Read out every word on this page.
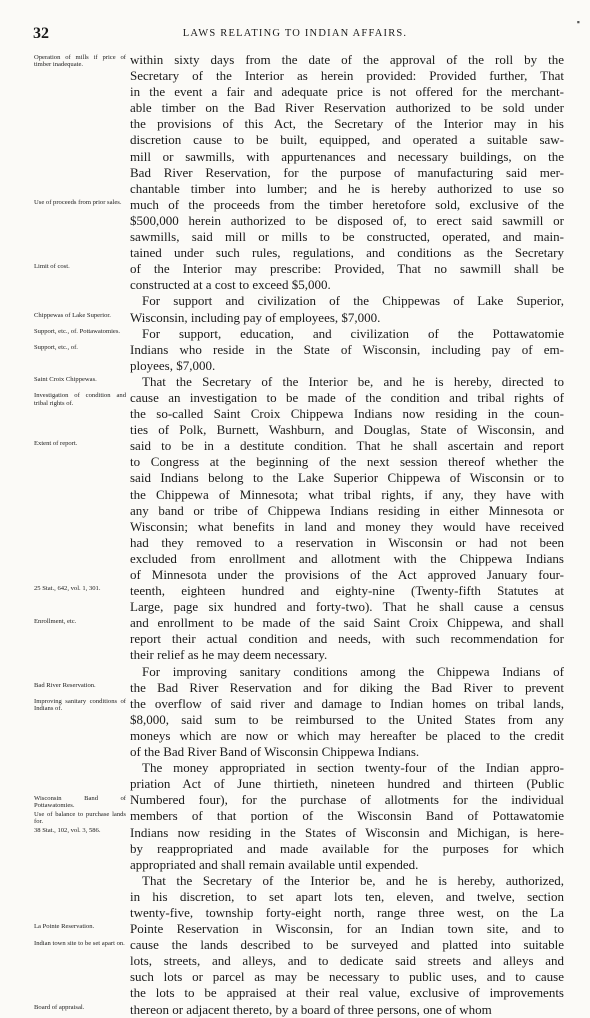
32	LAWS RELATING TO INDIAN AFFAIRS.
▪
Operation of mills if price of timber inadequate.
Use of proceeds from prior sales.
Limit of cost.
Chippewas of Lake Superior.
Support, etc., of. Pottawatomies.
Support, etc., of.
Saint Croix Chippewas.
Investigation of condition and tribal rights of.
Extent of report.
25 Stat., 642, vol. 1, 301.
Enrollment, etc.
Bad River Reservation.
Improving sanitary conditions of Indians of.
Wisconsin Band of Pottawatomies.
Use of balance to purchase lands for.
38 Stat., 102, vol. 3, 586.
La Pointe Reservation.
Indian town site to be set apart on.
Board of appraisal.
within sixty days from the date of the approval of the roll by the
Secretary of the Interior as herein provided: Provided further, That
in the event a fair and adequate price is not offered for the merchant-
able timber on the Bad River Reservation authorized to be sold under
the provisions of this Act, the Secretary of the Interior may in his
discretion cause to be built, equipped, and operated a suitable saw-
mill or sawmills, with appurtenances and necessary buildings, on the
Bad River Reservation, for the purpose of manufacturing said mer-
chantable timber into lumber; and he is hereby authorized to use so
much of the proceeds from the timber heretofore sold, exclusive of the
$500,000 herein authorized to be disposed of, to erect said sawmill or
sawmills, said mill or mills to be constructed, operated, and main-
tained under such rules, regulations, and conditions as the Secretary
of the Interior may prescribe: Provided, That no sawmill shall be
constructed at a cost to exceed $5,000.
For support and civilization of the Chippewas of Lake Superior,
Wisconsin, including pay of employees, $7,000.
For support, education, and civilization of the Pottawatomie
Indians who reside in the State of Wisconsin, including pay of em-
ployees, $7,000.
That the Secretary of the Interior be, and he is hereby, directed to
cause an investigation to be made of the condition and tribal rights of
the so-called Saint Croix Chippewa Indians now residing in the coun-
ties of Polk, Burnett, Washburn, and Douglas, State of Wisconsin, and
said to be in a destitute condition. That he shall ascertain and report
to Congress at the beginning of the next session thereof whether the
said Indians belong to the Lake Superior Chippewa of Wisconsin or to
the Chippewa of Minnesota; what tribal rights, if any, they have with
any band or tribe of Chippewa Indians residing in either Minnesota or
Wisconsin; what benefits in land and money they would have received
had they removed to a reservation in Wisconsin or had not been
excluded from enrollment and allotment with the Chippewa Indians
of Minnesota under the provisions of the Act approved January four-
teenth, eighteen hundred and eighty-nine (Twenty-fifth Statutes at
Large, page six hundred and forty-two). That he shall cause a census
and enrollment to be made of the said Saint Croix Chippewa, and shall
report their actual condition and needs, with such recommendation for
their relief as he may deem necessary.
For improving sanitary conditions among the Chippewa Indians of
the Bad River Reservation and for diking the Bad River to prevent
the overflow of said river and damage to Indian homes on tribal lands,
$8,000, said sum to be reimbursed to the United States from any
moneys which are now or which may hereafter be placed to the credit
of the Bad River Band of Wisconsin Chippewa Indians.
The money appropriated in section twenty-four of the Indian appro-
priation Act of June thirtieth, nineteen hundred and thirteen (Public
Numbered four), for the purchase of allotments for the individual
members of that portion of the Wisconsin Band of Pottawatomie
Indians now residing in the States of Wisconsin and Michigan, is here-
by reappropriated and made available for the purposes for which
appropriated and shall remain available until expended.
That the Secretary of the Interior be, and he is hereby, authorized,
in his discretion, to set apart lots ten, eleven, and twelve, section
twenty-five, township forty-eight north, range three west, on the La
Pointe Reservation in Wisconsin, for an Indian town site, and to
cause the lands described to be surveyed and platted into suitable
lots, streets, and alleys, and to dedicate said streets and alleys and
such lots or parcel as may be necessary to public uses, and to cause
the lots to be appraised at their real value, exclusive of improvements
thereon or adjacent thereto, by a board of three persons, one of whom
